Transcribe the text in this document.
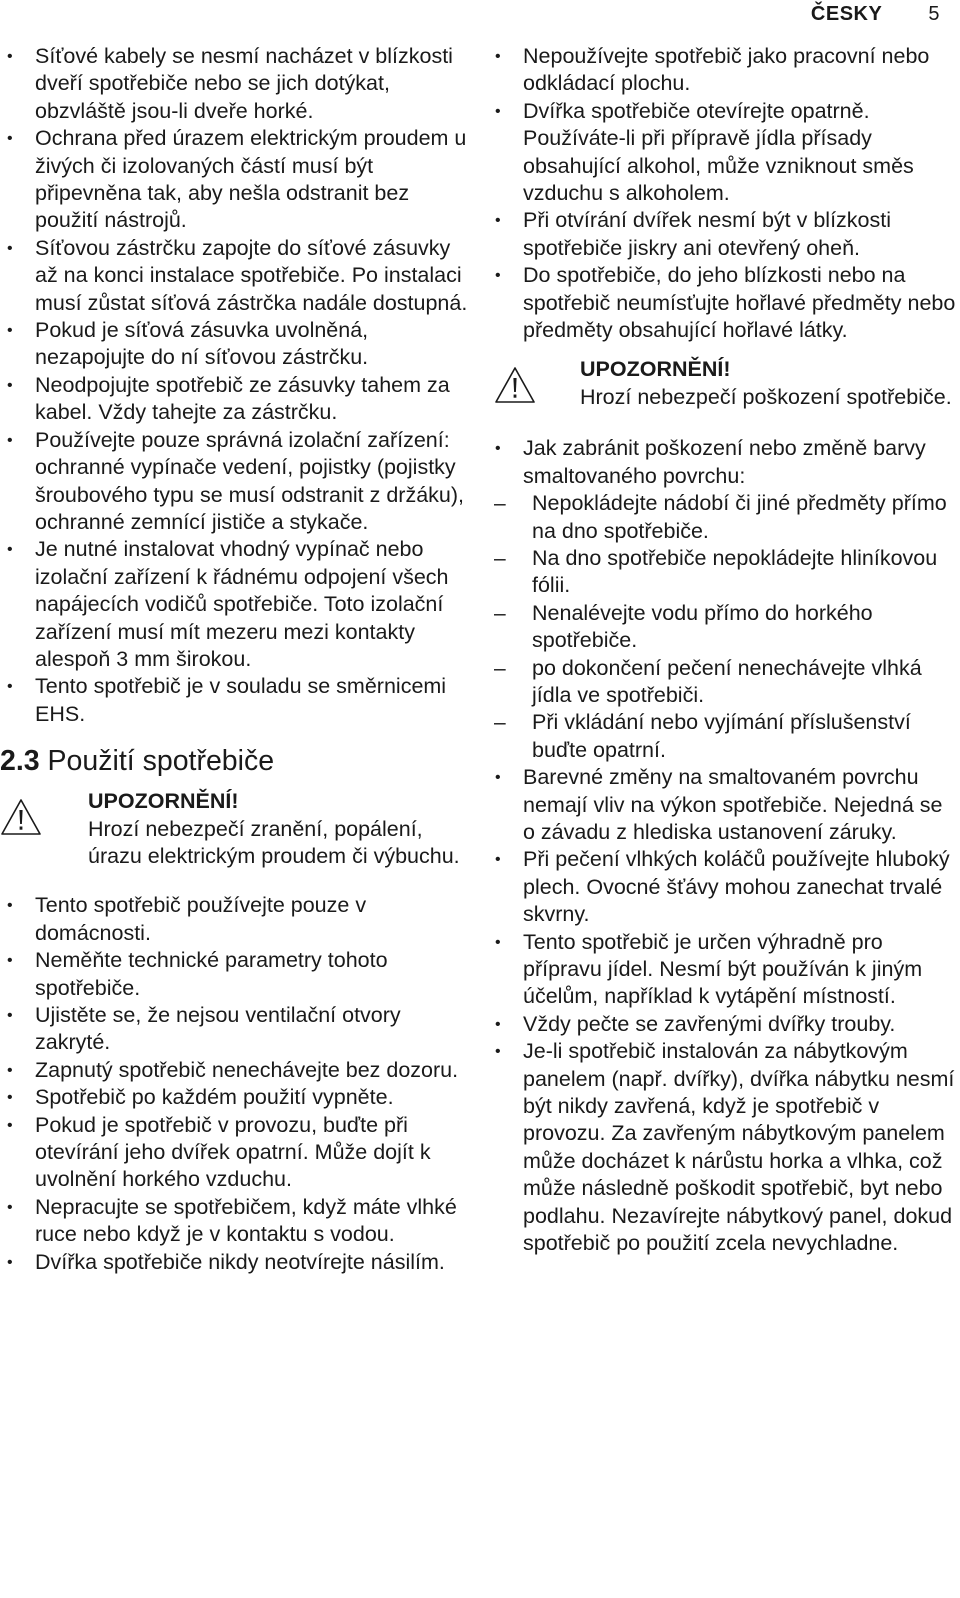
ČESKY 5
• Síťové kabely se nesmí nacházet v blízkosti dveří spotřebiče nebo se jich dotýkat, obzvláště jsou-li dveře horké.
• Ochrana před úrazem elektrickým proudem u živých či izolovaných částí musí být připevněna tak, aby nešla odstranit bez použití nástrojů.
• Síťovou zástrčku zapojte do síťové zásuvky až na konci instalace spotřebiče. Po instalaci musí zůstat síťová zástrčka nadále dostupná.
• Pokud je síťová zásuvka uvolněná, nezapojujte do ní síťovou zástrčku.
• Neodpojujte spotřebič ze zásuvky tahem za kabel. Vždy tahejte za zástrčku.
• Používejte pouze správná izolační zařízení: ochranné vypínače vedení, pojistky (pojistky šroubového typu se musí odstranit z držáku), ochranné zemnící jističe a stykače.
• Je nutné instalovat vhodný vypínač nebo izolační zařízení k řádnému odpojení všech napájecích vodičů spotřebiče. Toto izolační zařízení musí mít mezeru mezi kontakty alespoň 3 mm širokou.
• Tento spotřebič je v souladu se směrnicemi EHS.
2.3 Použití spotřebiče
UPOZORNĚNÍ!
Hrozí nebezpečí zranění, popálení, úrazu elektrickým proudem či výbuchu.
• Tento spotřebič používejte pouze v domácnosti.
• Neměňte technické parametry tohoto spotřebiče.
• Ujistěte se, že nejsou ventilační otvory zakryté.
• Zapnutý spotřebič nenechávejte bez dozoru.
• Spotřebič po každém použití vypněte.
• Pokud je spotřebič v provozu, buďte při otevírání jeho dvířek opatrní. Může dojít k uvolnění horkého vzduchu.
• Nepracujte se spotřebičem, když máte vlhké ruce nebo když je v kontaktu s vodou.
• Dvířka spotřebiče nikdy neotvírejte násilím.
• Nepoužívejte spotřebič jako pracovní nebo odkládací plochu.
• Dvířka spotřebiče otevírejte opatrně. Používáte-li při přípravě jídla přísady obsahující alkohol, může vzniknout směs vzduchu s alkoholem.
• Při otvírání dvířek nesmí být v blízkosti spotřebiče jiskry ani otevřený oheň.
• Do spotřebiče, do jeho blízkosti nebo na spotřebič neumísťujte hořlavé předměty nebo předměty obsahující hořlavé látky.
UPOZORNĚNÍ!
Hrozí nebezpečí poškození spotřebiče.
• Jak zabránit poškození nebo změně barvy smaltovaného povrchu:
– Nepokládejte nádobí či jiné předměty přímo na dno spotřebiče.
– Na dno spotřebiče nepokládejte hliníkovou fólii.
– Nenalévejte vodu přímo do horkého spotřebiče.
– po dokončení pečení nenechávejte vlhká jídla ve spotřebiči.
– Při vkládání nebo vyjímání příslušenství buďte opatrní.
• Barevné změny na smaltovaném povrchu nemají vliv na výkon spotřebiče. Nejedná se o závadu z hlediska ustanovení záruky.
• Při pečení vlhkých koláčů používejte hluboký plech. Ovocné šťávy mohou zanechat trvalé skvrny.
• Tento spotřebič je určen výhradně pro přípravu jídel. Nesmí být používán k jiným účelům, například k vytápění místností.
• Vždy pečte se zavřenými dvířky trouby.
• Je-li spotřebič instalován za nábytkovým panelem (např. dvířky), dvířka nábytku nesmí být nikdy zavřená, když je spotřebič v provozu. Za zavřeným nábytkovým panelem může docházet k nárůstu horka a vlhka, což může následně poškodit spotřebič, byt nebo podlahu. Nezavírejte nábytkový panel, dokud spotřebič po použití zcela nevychladne.
